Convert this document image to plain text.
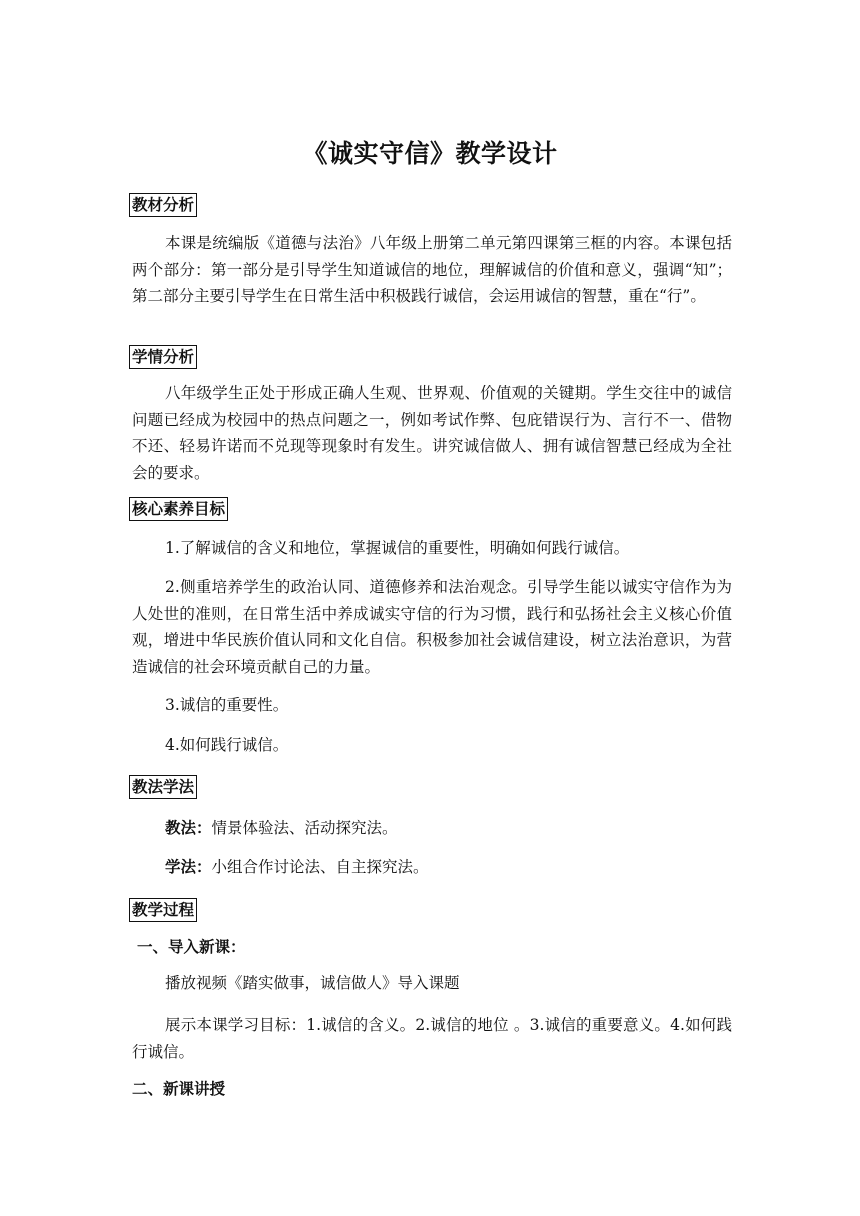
《诚实守信》教学设计
教材分析
本课是统编版《道德与法治》八年级上册第二单元第四课第三框的内容。本课包括两个部分：第一部分是引导学生知道诚信的地位，理解诚信的价值和意义，强调“知”；第二部分主要引导学生在日常生活中积极践行诚信，会运用诚信的智慧，重在“行”。
学情分析
八年级学生正处于形成正确人生观、世界观、价值观的关键期。学生交往中的诚信问题已经成为校园中的热点问题之一，例如考试作弊、包庇错误行为、言行不一、借物不还、轻易许诺而不兑现等现象时有发生。讲究诚信做人、拥有诚信智慧已经成为全社会的要求。
核心素养目标
1.了解诚信的含义和地位，掌握诚信的重要性，明确如何践行诚信。
2.侧重培养学生的政治认同、道德修养和法治观念。引导学生能以诚实守信作为为人处世的准则，在日常生活中养成诚实守信的行为习惯，践行和弘扬社会主义核心价值观，增进中华民族价值认同和文化自信。积极参加社会诚信建设，树立法治意识，为营造诚信的社会环境贡献自己的力量。
3.诚信的重要性。
4.如何践行诚信。
教法学法
教法：情景体验法、活动探究法。
学法：小组合作讨论法、自主探究法。
教学过程
一、导入新课：
播放视频《踏实做事，诚信做人》导入课题
展示本课学习目标：1.诚信的含义。2.诚信的地位 。3.诚信的重要意义。4.如何践行诚信。
二、新课讲授
